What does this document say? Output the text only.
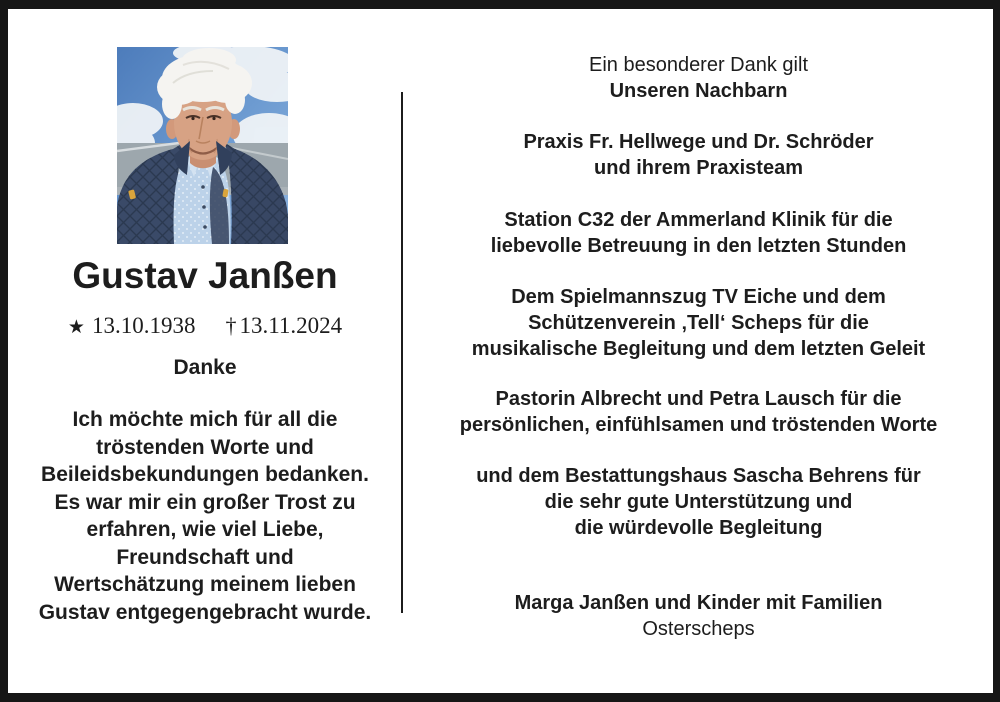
Gustav Janßen
★ 13.10.1938 † 13.11.2024
Danke
Ich möchte mich für all die
tröstenden Worte und
Beileidsbekundungen bedanken.
Es war mir ein großer Trost zu
erfahren, wie viel Liebe,
Freundschaft und
Wertschätzung meinem lieben
Gustav entgegengebracht wurde.
Ein besonderer Dank gilt
Unseren Nachbarn
Praxis Fr. Hellwege und Dr. Schröder
und ihrem Praxisteam
Station C32 der Ammerland Klinik für die
liebevolle Betreuung in den letzten Stunden
Dem Spielmannszug TV Eiche und dem
Schützenverein ‚Tell‘ Scheps für die
musikalische Begleitung und dem letzten Geleit
Pastorin Albrecht und Petra Lausch für die
persönlichen, einfühlsamen und tröstenden Worte
und dem Bestattungshaus Sascha Behrens für
die sehr gute Unterstützung und
die würdevolle Begleitung
Marga Janßen und Kinder mit Familien
Osterscheps
